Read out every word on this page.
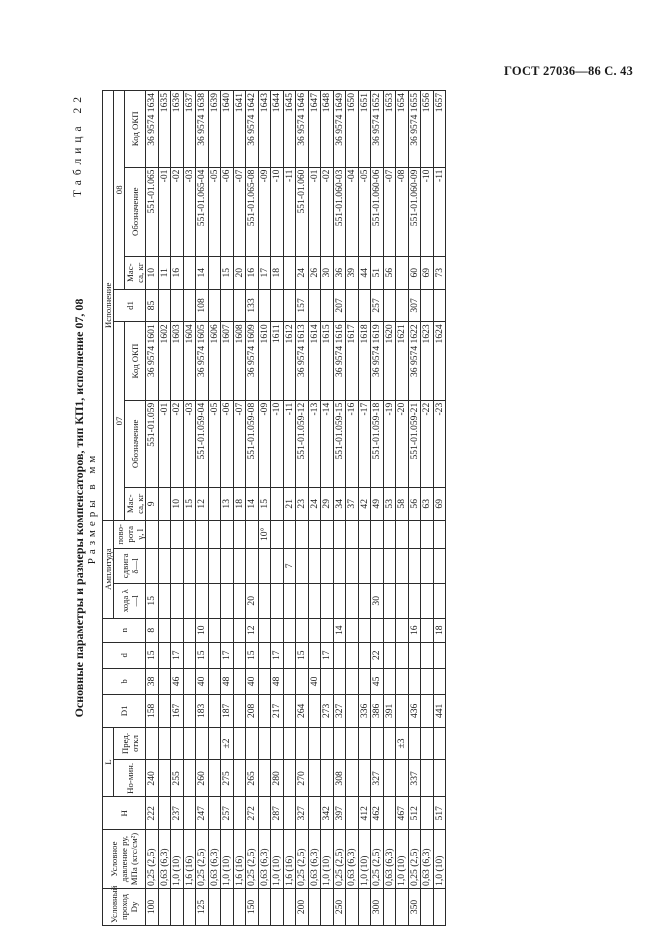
ГОСТ 27036—86 С. 43
Таблица 22
Основные параметры и размеры компенсаторов, тип КП1, исполнение 07, 08 Размеры в мм
Условный проход Dу	Условное давление ру, МПа (кгс/см²)	H	L		D1	b	d	n	Амплитуда			Исполнение						
			Но-мин.	Пред. откл					хода λ—l	сдвига δ—l	пово-рота γ, l	07			d1	08		
												Мас-са, кг	Обозначение	Код ОКП		Мас-са, кг	Обозначение	Код ОКП
100	0,25 (2,5)	222	240		158	38	15	8	15			9	551-01.059	36 9574 1601	85	10	551-01.065	36 9574 1634
	0,63 (6,3)												-01	1602		11	-01	1635
	1,0 (10)	237	255		167	46	17					10	-02	1603		16	-02	1636
	1,6 (16)											15	-03	1604			-03	1637
125	0,25 (2,5)	247	260		183	40	15	10				12	551-01.059-04	36 9574 1605	108	14	551-01.065-04	36 9574 1638
	0,63 (6,3)												-05	1606			-05	1639
	1,0 (10)	257	275	±2	187	48	17					13	-06	1607		15	-06	1640
	1,6 (16)											18	-07	1608		20	-07	1641
150	0,25 (2,5)	272	265		208	40	15	12	20			14	551-01.059-08	36 9574 1609	133	16	551-01.065-08	36 9574 1642
	0,63 (6,3)										10°	15	-09	1610		17	-09	1643
	1,0 (10)	287	280		217	48	17						-10	1611		18	-10	1644
	1,6 (16)									7		21	-11	1612			-11	1645
200	0,25 (2,5)	327	270		264		15					23	551-01.059-12	36 9574 1613	157	24	551-01.060	36 9574 1646
	0,63 (6,3)					40						24	-13	1614		26	-01	1647
	1,0 (10)	342			273		17					29	-14	1615		30	-02	1648
250	0,25 (2,5)	397	308		327			14				34	551-01.059-15	36 9574 1616	207	36	551-01.060-03	36 9574 1649
	0,63 (6,3)											37	-16	1617		39	-04	1650
	1,0 (10)	412			336							42	-17	1618		44	-05	1651
300	0,25 (2,5)	462	327		386	45	22		30			49	551-01.059-18	36 9574 1619	257	51	551-01.060-06	36 9574 1652
	0,63 (6,3)				391							53	-19	1620		56	-07	1653
	1,0 (10)	467		±3								58	-20	1621			-08	1654
350	0,25 (2,5)	512	337		436			16				56	551-01.059-21	36 9574 1622	307	60	551-01.060-09	36 9574 1655
	0,63 (6,3)											63	-22	1623		69	-10	1656
	1,0 (10)	517			441			18				69	-23	1624		73	-11	1657
